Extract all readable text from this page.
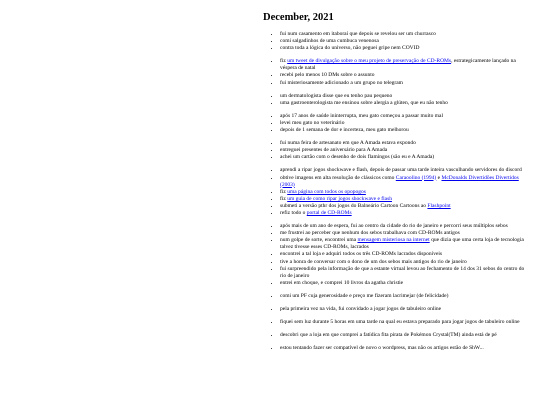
December, 2021
• fui num casamento em itaboraí que depois se revelou ser um churrasco
• comi salgadinhos de uma cumbuca venenosa
• contra toda a lógica do universo, não peguei gripe nem COVID
• fiz um tweet de divulgação sobre o meu projeto de preservação de CD-ROMs, estrategicamente lançado na véspera de natal
• recebi pelo menos 10 DMs sobre o assunto
• fui misteriosamente adicionado a um grupo no telegram
• um dermatologista disse que eu tenho pau pequeno
• uma gastroenterologista me ensinou sobre alergia a glúten, que eu não tenho
• após 17 anos de saúde ininterrupta, meu gato começou a passar muito mal
• levei meu gato no veterinário
• depois de 1 semana de dor e incerteza, meu gato melhorou
• fui numa feira de artesanato em que A Amada estava expondo
• entreguei presentes de aniversário para A Amada
• achei um cartão com o desenho de dois flamingos (são eu e A Amada)
• aprendi a ripar jogos shockwave e flash, depois de passar uma tarde inteira vasculhando servidores do discord
• obtive imagens em alta resolução de clássicos como Caraoolino (1994) e McDonalds Divertidões Divertidos (2003)
• fiz uma página com todos os opopogos
• fiz um guia de como ripar jogos shockwave e flash
• submeti a versão pthr dos jogos do Balneário Cartoon Cartoons ao Flashpoint
• refiz todo o portal de CD-ROMs
• após mais de um ano de espera, fui ao centro da cidade do rio de janeiro e percorri seus múltiplos sebos
• me frustrei ao perceber que nenhum dos sebos trabalhava com CD-ROMs antigos
• num golpe de sorte, encontrei uma mensagem misteriosa na internet que dizia que uma certa loja de tecnologia talvez tivesse esses CD-ROMs, lacrados
• encontrei a tal loja e adquiri todos os três CD-ROMs lacrados disponíveis
• tive a honra de conversar com o dono de um dos sebos mais antigos do rio de janeiro
• fui surpreendido pela informação de que a estante virtual levou ao fechamento de 14 dos 31 sebos do centro do rio de janeiro
• entrei em choque, e comprei 10 livros da agatha christie
• comi um PF cuja generosidade e preço me fizeram lacrimejar (de felicidade)
• pela primeira vez na vida, fui convidado a jogar jogos de tabuleiro online
• fiquei sem luz durante 5 horas em uma tarde na qual eu estava preparado para jogar jogos de tabuleiro online
• descobri que a loja em que comprei a fatídica fita pirata de Pokémon Crystal(TM) ainda está de pé
• estou tentando fazer ser compatível de novo o wordpress, mas não os artigos estão de ShW...
